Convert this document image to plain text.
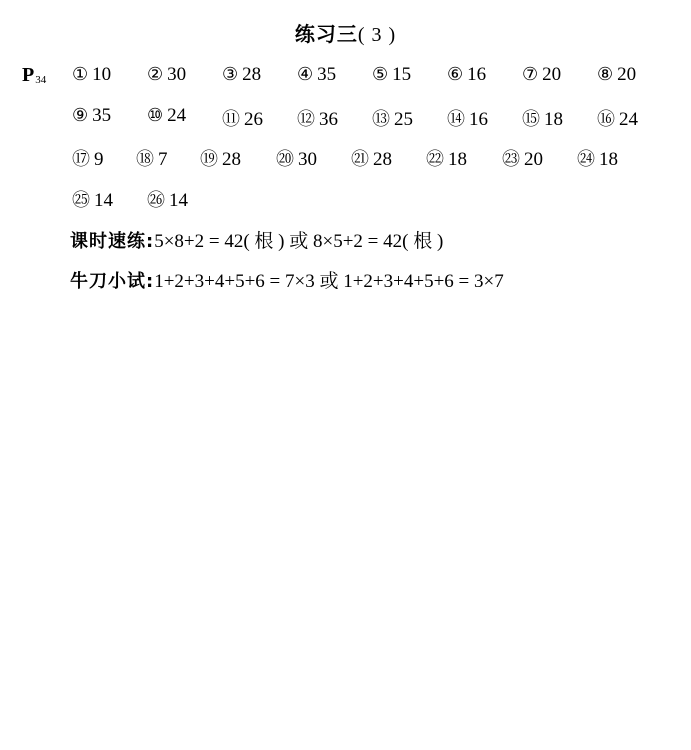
练习三( 3 )
$P_{34}$ ① 10 ② 30 ③ 28 ④ 35 ⑤ 15 ⑥ 16 ⑦ 20 ⑧ 20
⑨ 35 ⑩ 24 ⑪ 26 ⑫ 36 ⑬ 25 ⑭ 16 ⑮ 18 ⑯ 24
⑰ 9 ⑱ 7 ⑲ 28 ⑳ 30 ㉑ 28 ㉒ 18 ㉓ 20 ㉔ 18
㉕ 14 ㉖ 14
课时速练:5×8+2 = 42( 根 ) 或 8×5+2 = 42( 根 )
牛刀小试:1+2+3+4+5+6 = 7×3 或 1+2+3+4+5+6 = 3×7
